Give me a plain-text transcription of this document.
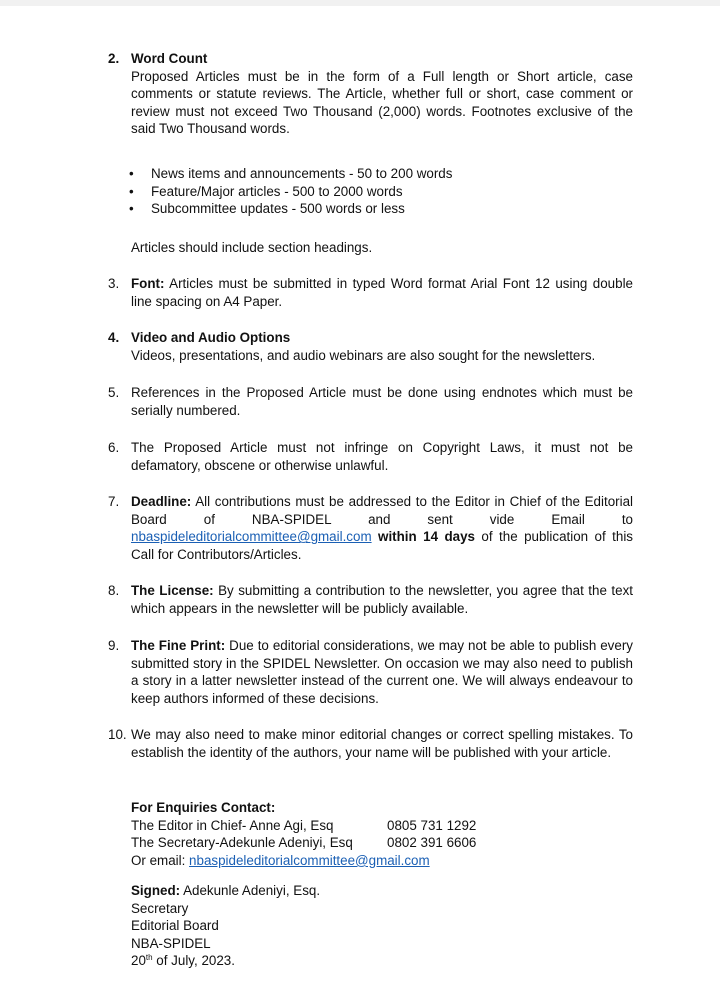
2. Word Count
Proposed Articles must be in the form of a Full length or Short article, case comments or statute reviews. The Article, whether full or short, case comment or review must not exceed Two Thousand (2,000) words. Footnotes exclusive of the said Two Thousand words.
• News items and announcements - 50 to 200 words
• Feature/Major articles - 500 to 2000 words
• Subcommittee updates - 500 words or less
Articles should include section headings.
3. Font: Articles must be submitted in typed Word format Arial Font 12 using double line spacing on A4 Paper.
4. Video and Audio Options
Videos, presentations, and audio webinars are also sought for the newsletters.
5. References in the Proposed Article must be done using endnotes which must be serially numbered.
6. The Proposed Article must not infringe on Copyright Laws, it must not be defamatory, obscene or otherwise unlawful.
7. Deadline: All contributions must be addressed to the Editor in Chief of the Editorial Board of NBA-SPIDEL and sent vide Email to nbaspideleditorialcommittee@gmail.com within 14 days of the publication of this Call for Contributors/Articles.
8. The License: By submitting a contribution to the newsletter, you agree that the text which appears in the newsletter will be publicly available.
9. The Fine Print: Due to editorial considerations, we may not be able to publish every submitted story in the SPIDEL Newsletter. On occasion we may also need to publish a story in a latter newsletter instead of the current one. We will always endeavour to keep authors informed of these decisions.
10. We may also need to make minor editorial changes or correct spelling mistakes. To establish the identity of the authors, your name will be published with your article.
For Enquiries Contact:
The Editor in Chief- Anne Agi, Esq	0805 731 1292
The Secretary-Adekunle Adeniyi, Esq	0802 391 6606
Or email: nbaspideleditorialcommittee@gmail.com
Signed: Adekunle Adeniyi, Esq.
Secretary
Editorial Board
NBA-SPIDEL
20th of July, 2023.
